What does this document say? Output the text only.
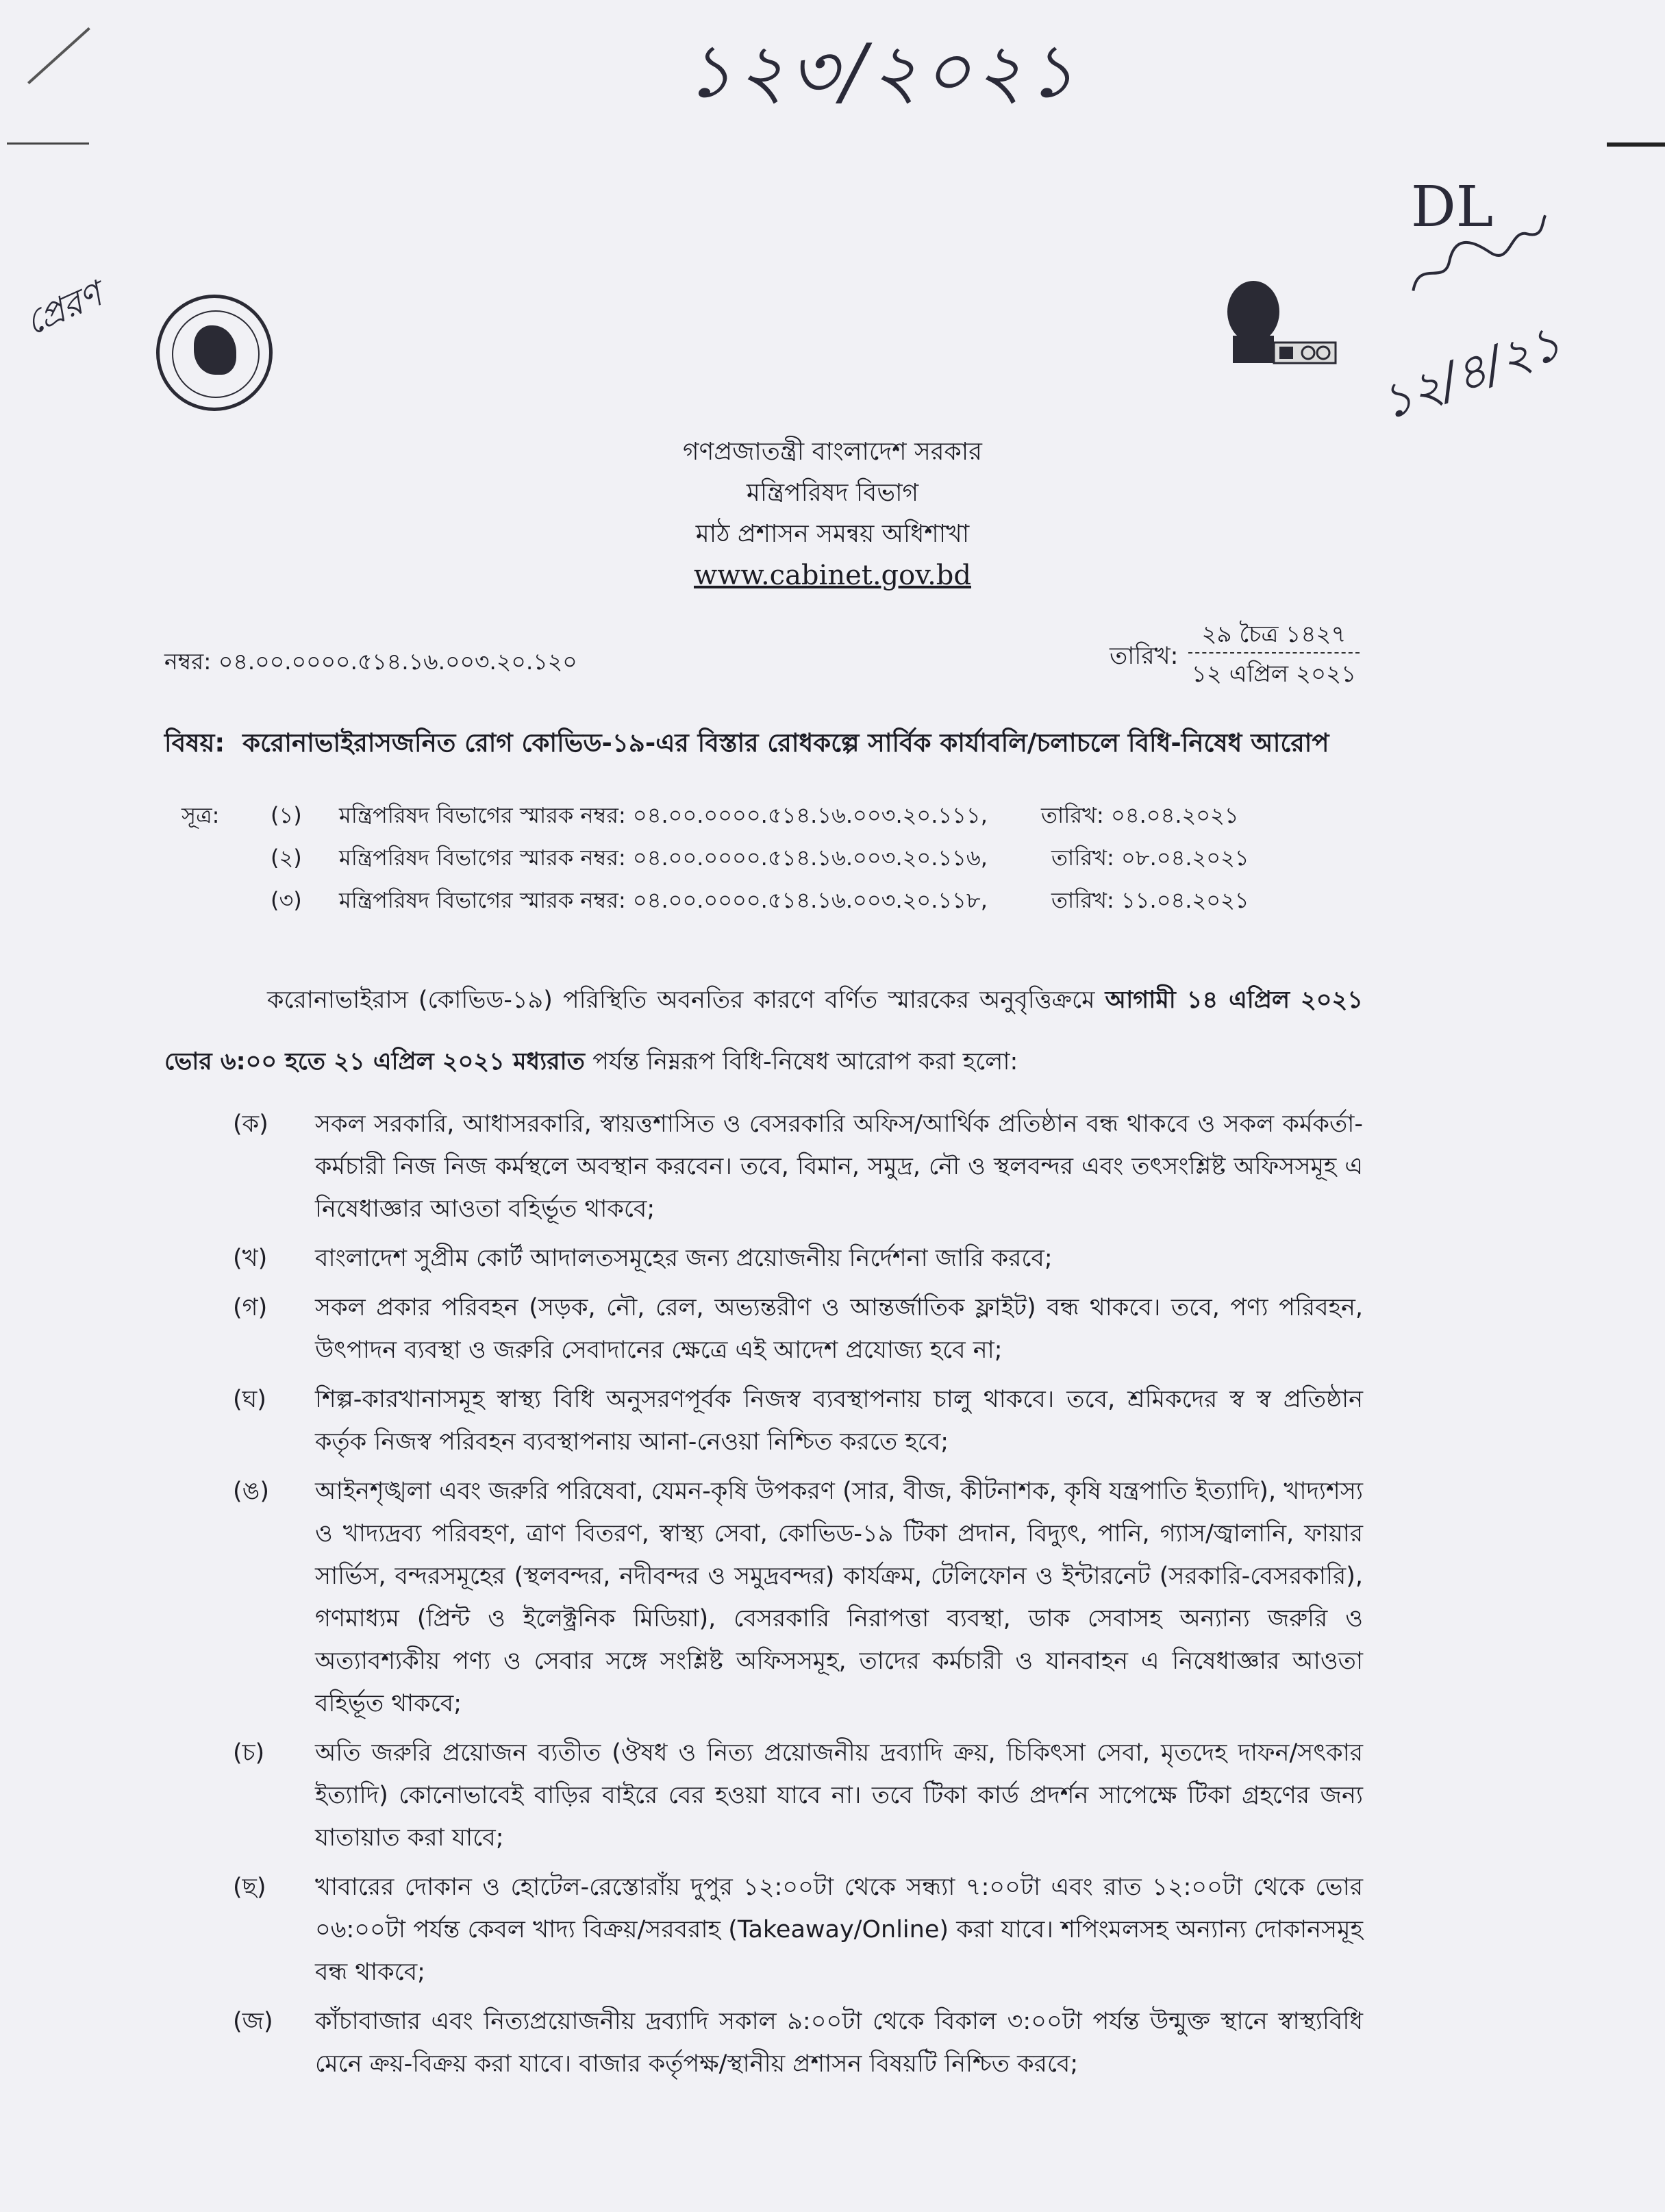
১২৩/২০২১
প্রেরণ
DL
১২/৪/২১
গণপ্রজাতন্ত্রী বাংলাদেশ সরকার
মন্ত্রিপরিষদ বিভাগ
মাঠ প্রশাসন সমন্বয় অধিশাখা
www.cabinet.gov.bd
নম্বর: ০৪.০০.০০০০.৫১৪.১৬.০০৩.২০.১২০	তারিখ:
২৯ চৈত্র ১৪২৭
১২ এপ্রিল ২০২১
বিষয়: করোনাভাইরাসজনিত রোগ কোভিড-১৯-এর বিস্তার রোধকল্পে সার্বিক কার্যাবলি/চলাচলে বিধি-নিষেধ আরোপ
সূত্র: (১) মন্ত্রিপরিষদ বিভাগের স্মারক নম্বর: ০৪.০০.০০০০.৫১৪.১৬.০০৩.২০.১১১, তারিখ: ০৪.০৪.২০২১
(২) মন্ত্রিপরিষদ বিভাগের স্মারক নম্বর: ০৪.০০.০০০০.৫১৪.১৬.০০৩.২০.১১৬,	তারিখ: ০৮.০৪.২০২১
(৩) মন্ত্রিপরিষদ বিভাগের স্মারক নম্বর: ০৪.০০.০০০০.৫১৪.১৬.০০৩.২০.১১৮,	তারিখ: ১১.০৪.২০২১
করোনাভাইরাস (কোভিড-১৯) পরিস্থিতি অবনতির কারণে বর্ণিত স্মারকের অনুবৃত্তিক্রমে আগামী ১৪ এপ্রিল ২০২১ ভোর ৬:০০ হতে ২১ এপ্রিল ২০২১ মধ্যরাত পর্যন্ত নিম্নরূপ বিধি-নিষেধ আরোপ করা হলো:
(ক) সকল সরকারি, আধাসরকারি, স্বায়ত্তশাসিত ও বেসরকারি অফিস/আর্থিক প্রতিষ্ঠান বন্ধ থাকবে ও সকল কর্মকর্তা-কর্মচারী নিজ নিজ কর্মস্থলে অবস্থান করবেন। তবে, বিমান, সমুদ্র, নৌ ও স্থলবন্দর এবং তৎসংশ্লিষ্ট অফিসসমূহ এ নিষেধাজ্ঞার আওতা বহির্ভূত থাকবে;
(খ) বাংলাদেশ সুপ্রীম কোর্ট আদালতসমূহের জন্য প্রয়োজনীয় নির্দেশনা জারি করবে;
(গ) সকল প্রকার পরিবহন (সড়ক, নৌ, রেল, অভ্যন্তরীণ ও আন্তর্জাতিক ফ্লাইট) বন্ধ থাকবে। তবে, পণ্য পরিবহন, উৎপাদন ব্যবস্থা ও জরুরি সেবাদানের ক্ষেত্রে এই আদেশ প্রযোজ্য হবে না;
(ঘ) শিল্প-কারখানাসমূহ স্বাস্থ্য বিধি অনুসরণপূর্বক নিজস্ব ব্যবস্থাপনায় চালু থাকবে। তবে, শ্রমিকদের স্ব স্ব প্রতিষ্ঠান কর্তৃক নিজস্ব পরিবহন ব্যবস্থাপনায় আনা-নেওয়া নিশ্চিত করতে হবে;
(ঙ) আইনশৃঙ্খলা এবং জরুরি পরিষেবা, যেমন-কৃষি উপকরণ (সার, বীজ, কীটনাশক, কৃষি যন্ত্রপাতি ইত্যাদি), খাদ্যশস্য ও খাদ্যদ্রব্য পরিবহণ, ত্রাণ বিতরণ, স্বাস্থ্য সেবা, কোভিড-১৯ টিকা প্রদান, বিদ্যুৎ, পানি, গ্যাস/জ্বালানি, ফায়ার সার্ভিস, বন্দরসমূহের (স্থলবন্দর, নদীবন্দর ও সমুদ্রবন্দর) কার্যক্রম, টেলিফোন ও ইন্টারনেট (সরকারি-বেসরকারি), গণমাধ্যম (প্রিন্ট ও ইলেক্ট্রনিক মিডিয়া), বেসরকারি নিরাপত্তা ব্যবস্থা, ডাক সেবাসহ অন্যান্য জরুরি ও অত্যাবশ্যকীয় পণ্য ও সেবার সঙ্গে সংশ্লিষ্ট অফিসসমূহ, তাদের কর্মচারী ও যানবাহন এ নিষেধাজ্ঞার আওতা বহির্ভূত থাকবে;
(চ) অতি জরুরি প্রয়োজন ব্যতীত (ঔষধ ও নিত্য প্রয়োজনীয় দ্রব্যাদি ক্রয়, চিকিৎসা সেবা, মৃতদেহ দাফন/সৎকার ইত্যাদি) কোনোভাবেই বাড়ির বাইরে বের হওয়া যাবে না। তবে টিকা কার্ড প্রদর্শন সাপেক্ষে টিকা গ্রহণের জন্য যাতায়াত করা যাবে;
(ছ) খাবারের দোকান ও হোটেল-রেস্তোরাঁয় দুপুর ১২:০০টা থেকে সন্ধ্যা ৭:০০টা এবং রাত ১২:০০টা থেকে ভোর ০৬:০০টা পর্যন্ত কেবল খাদ্য বিক্রয়/সরবরাহ (Takeaway/Online) করা যাবে। শপিংমলসহ অন্যান্য দোকানসমূহ বন্ধ থাকবে;
(জ) কাঁচাবাজার এবং নিত্যপ্রয়োজনীয় দ্রব্যাদি সকাল ৯:০০টা থেকে বিকাল ৩:০০টা পর্যন্ত উন্মুক্ত স্থানে স্বাস্থ্যবিধি মেনে ক্রয়-বিক্রয় করা যাবে। বাজার কর্তৃপক্ষ/স্থানীয় প্রশাসন বিষয়টি নিশ্চিত করবে;
